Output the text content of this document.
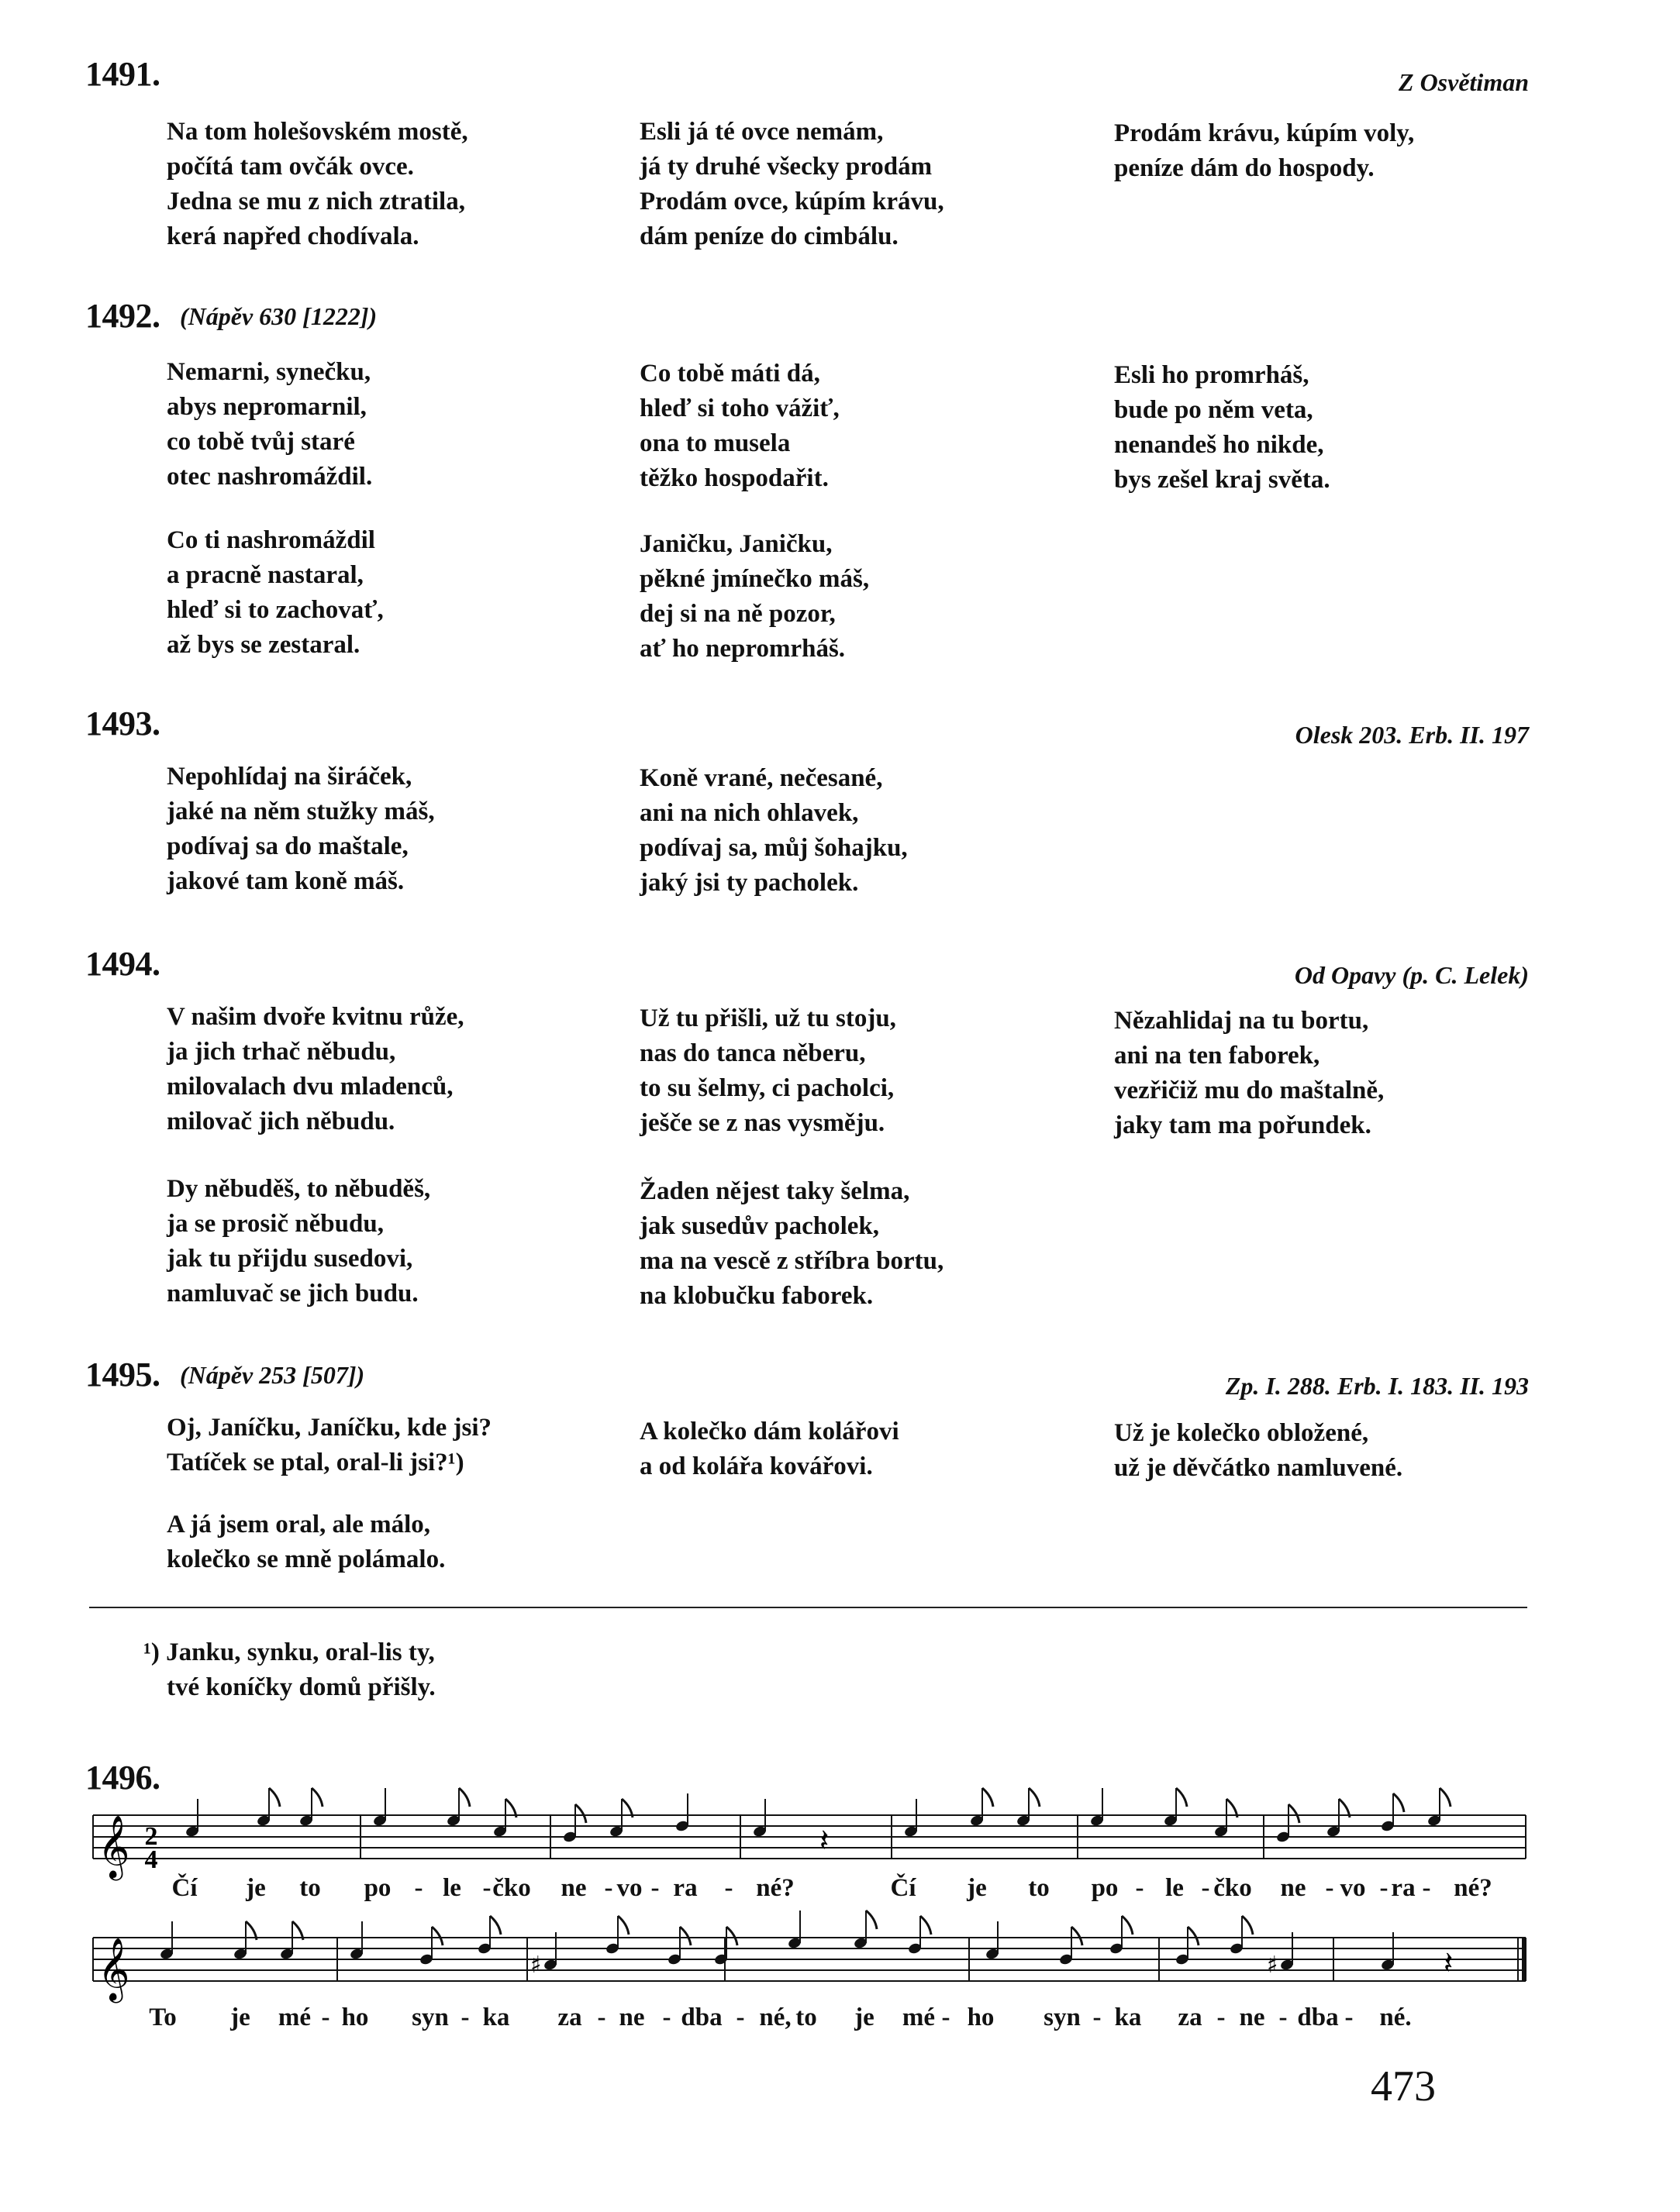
1491.	Z Osvětiman
Na tom holešovském mostě,
počítá tam ovčák ovce.
Jedna se mu z nich ztratila,
kerá napřed chodívala.
Esli já té ovce nemám,
já ty druhé všecky prodám
Prodám ovce, kúpím krávu,
dám peníze do cimbálu.
Prodám krávu, kúpím voly,
peníze dám do hospody.
1492. (Nápěv 630 [1222])
Nemarni, synečku,
abys nepromarnil,
co tobě tvůj staré
otec nashromáždil.
Co tobě máti dá,
hleď si toho vážiť,
ona to musela
těžko hospodařit.
Esli ho promrháš,
bude po něm veta,
nenandeš ho nikde,
bys zešel kraj světa.
Co ti nashromáždil
a pracně nastaral,
hleď si to zachovať,
až bys se zestaral.
Janičku, Janičku,
pěkné jmínečko máš,
dej si na ně pozor,
ať ho nepromrháš.
1493.	Olesk 203. Erb. II. 197
Nepohlídaj na širáček,
jaké na něm stužky máš,
podívaj sa do maštale,
jakové tam koně máš.
Koně vrané, nečesané,
ani na nich ohlavek,
podívaj sa, můj šohajku,
jaký jsi ty pacholek.
1494.	Od Opavy (p. C. Lelek)
V našim dvoře kvitnu růže,
ja jich trhač něbudu,
milovalach dvu mladenců,
milovač jich něbudu.
Už tu přišli, už tu stoju,
nas do tanca něberu,
to su šelmy, ci pacholci,
ješče se z nas vysměju.
Nězahlidaj na tu bortu,
ani na ten faborek,
vezřičiž mu do maštalně,
jaky tam ma pořundek.
Dy něbuděš, to něbuděš,
ja se prosič něbudu,
jak tu přijdu susedovi,
namluvač se jich budu.
Žaden nějest taky šelma,
jak susedův pacholek,
ma na vescě z stříbra bortu,
na klobučku faborek.
1495. (Nápěv 253 [507])	Zp. I. 288. Erb. I. 183. II. 193
Oj, Janíčku, Janíčku, kde jsi?
Tatíček se ptal, oral-li jsi?¹)
A kolečko dám kolářovi
a od kolářa kovářovi.
Už je kolečko obložené,
už je děvčátko namluvené.
A já jsem oral, ale málo,
kolečko se mně polámalo.
¹) Janku, synku, oral-lis ty,
tvé koníčky domů přišly.
1496.
𝄞	𝄽
𝄞	♯	♯	𝄽
2
4
Čí je to po - le - čko ne - vo - ra - né?	Čí je to po - le - čko ne - vo - ra - né?
To je mé - ho syn - ka za - ne - dba - né, to je mé - ho syn - ka za - ne - dba - né.
473
